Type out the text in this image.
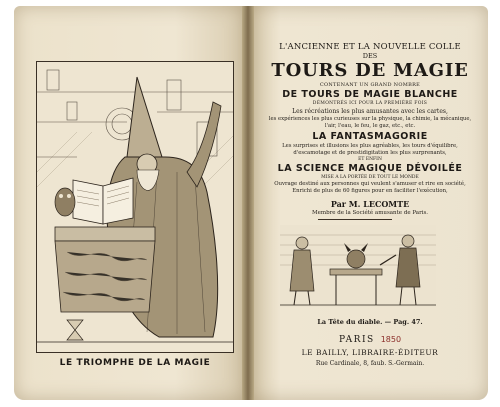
LE TRIOMPHE DE LA MAGIE
L'ANCIENNE ET LA NOUVELLE COLLE
DES
TOURS DE MAGIE
CONTENANT UN GRAND NOMBRE
DE TOURS DE MAGIE BLANCHE
DÉMONTRÉS ICI POUR LA PREMIÈRE FOIS
Les récréations les plus amusantes avec les cartes,
les expériences les plus curieuses sur la physique, la chimie, la mécanique,
l'air, l'eau, le feu, le gaz, etc., etc.
LA FANTASMAGORIE
Les surprises et illusions les plus agréables, les tours d'équilibre,
d'escamotage et de prestidigitation les plus surprenants,
ET ENFIN
LA SCIENCE MAGIQUE DÉVOILÉE
MISE A LA PORTÉE DE TOUT LE MONDE
Ouvrage destiné aux personnes qui veulent s'amuser et rire en société,
Enrichi de plus de 60 figures pour en faciliter l'exécution,
Par M. LECOMTE
Membre de la Société amusante de Paris.
La Tête du diable. — Pag. 47.
PARIS 1850
LE BAILLY, LIBRAIRE-ÉDITEUR
Rue Cardinale, 8, faub. S.-Germain.
